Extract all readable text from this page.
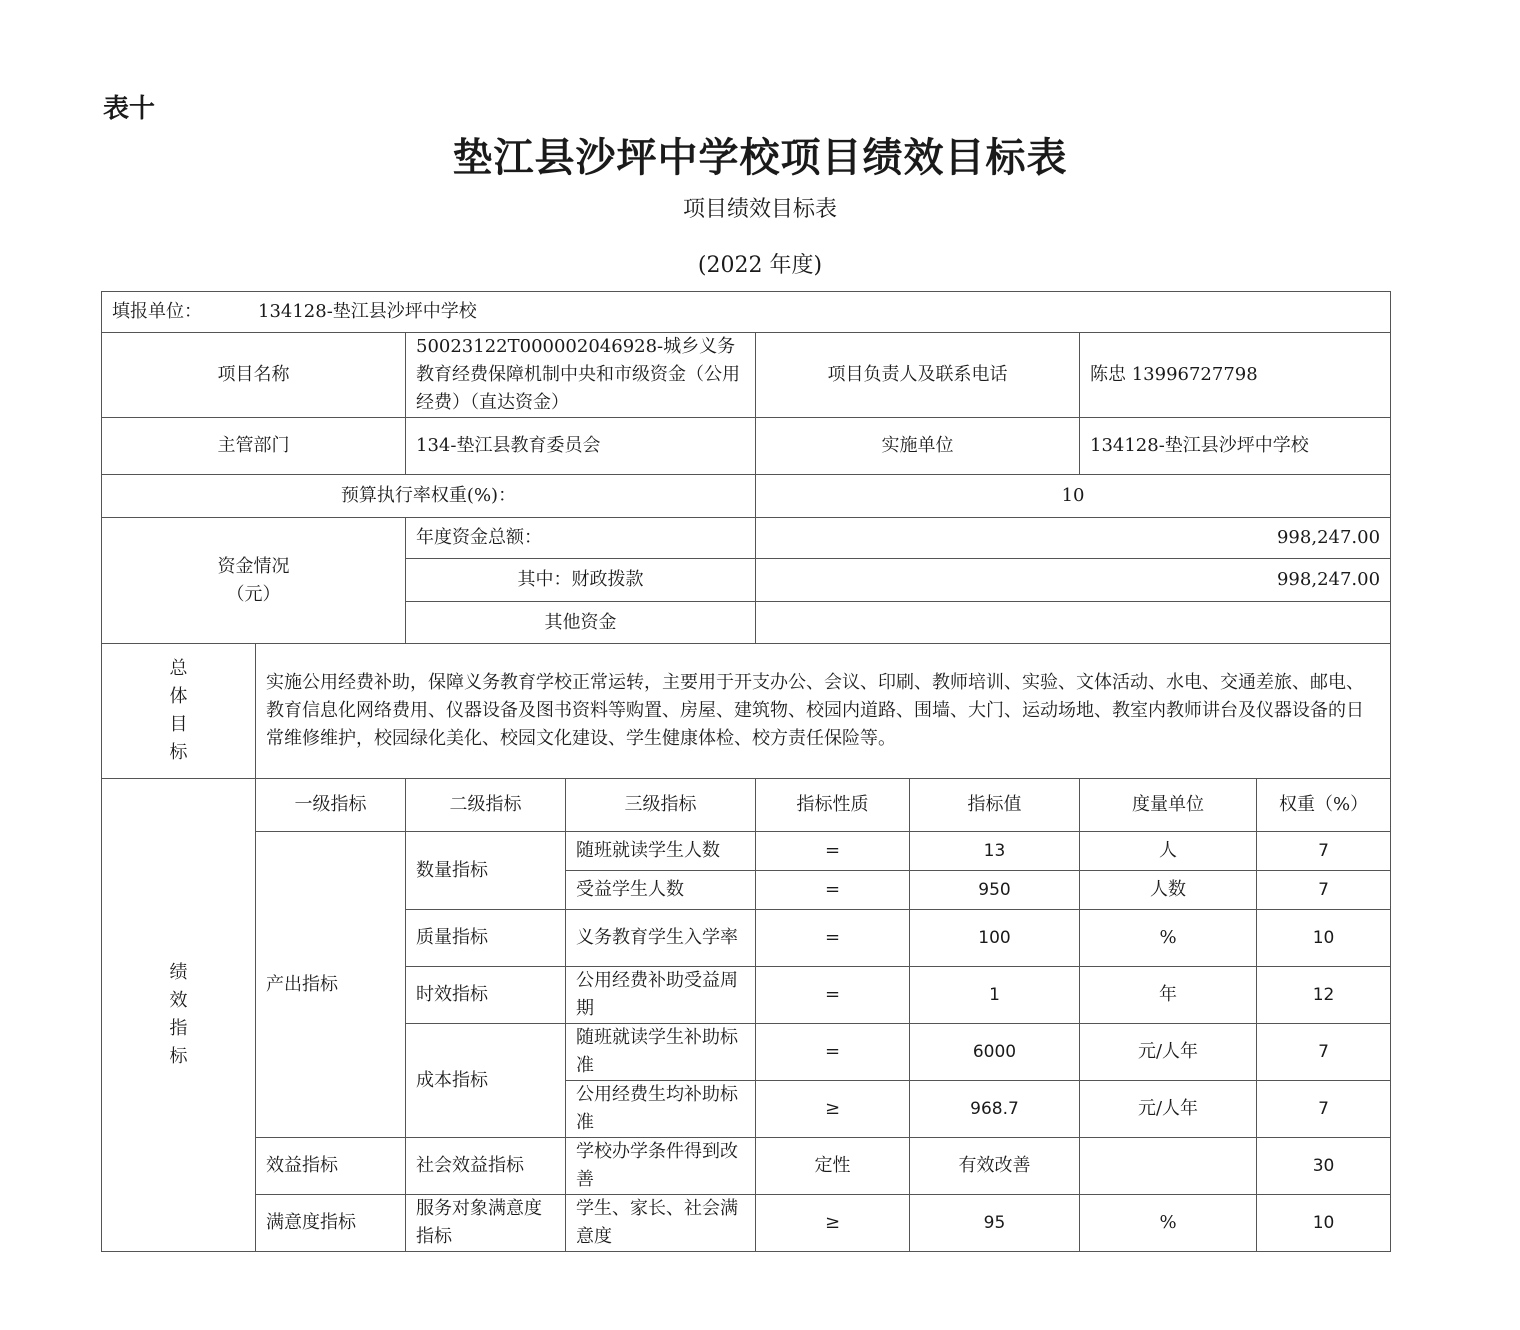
表十
垫江县沙坪中学校项目绩效目标表
项目绩效目标表
(2022 年度)
填报单位： 134128-垫江县沙坪中学校							
项目名称		50023122T000002046928-城乡义务教育经费保障机制中央和市级资金（公用经费）（直达资金）		项目负责人及联系电话		陈忠 13996727798	
主管部门		134-垫江县教育委员会		实施单位		134128-垫江县沙坪中学校	
预算执行率权重(%)：				10			
资金情况
（元）		年度资金总额：		998,247.00			
		其中：财政拨款		998,247.00			
		其他资金					

总
体
目
标	实施公用经费补助，保障义务教育学校正常运转，主要用于开支办公、会议、印刷、教师培训、实验、文体活动、水电、交通差旅、邮电、教育信息化网络费用、仪器设备及图书资料等购置、房屋、建筑物、校园内道路、围墙、大门、运动场地、教室内教师讲台及仪器设备的日常维修维护，校园绿化美化、校园文化建设、学生健康体检、校方责任保险等。						

绩
效
指
标	一级指标	二级指标	三级指标	指标性质	指标值	度量单位	权重（%）
	产出指标	数量指标	随班就读学生人数	=	13	人	7
			受益学生人数	=	950	人数	7
		质量指标	义务教育学生入学率	=	100	%	10
		时效指标	公用经费补助受益周期	=	1	年	12
		成本指标	随班就读学生补助标准	=	6000	元/人年	7
			公用经费生均补助标准	≥	968.7	元/人年	7
	效益指标	社会效益指标	学校办学条件得到改善	定性	有效改善		30
	满意度指标	服务对象满意度指标	学生、家长、社会满意度	≥	95	%	10
